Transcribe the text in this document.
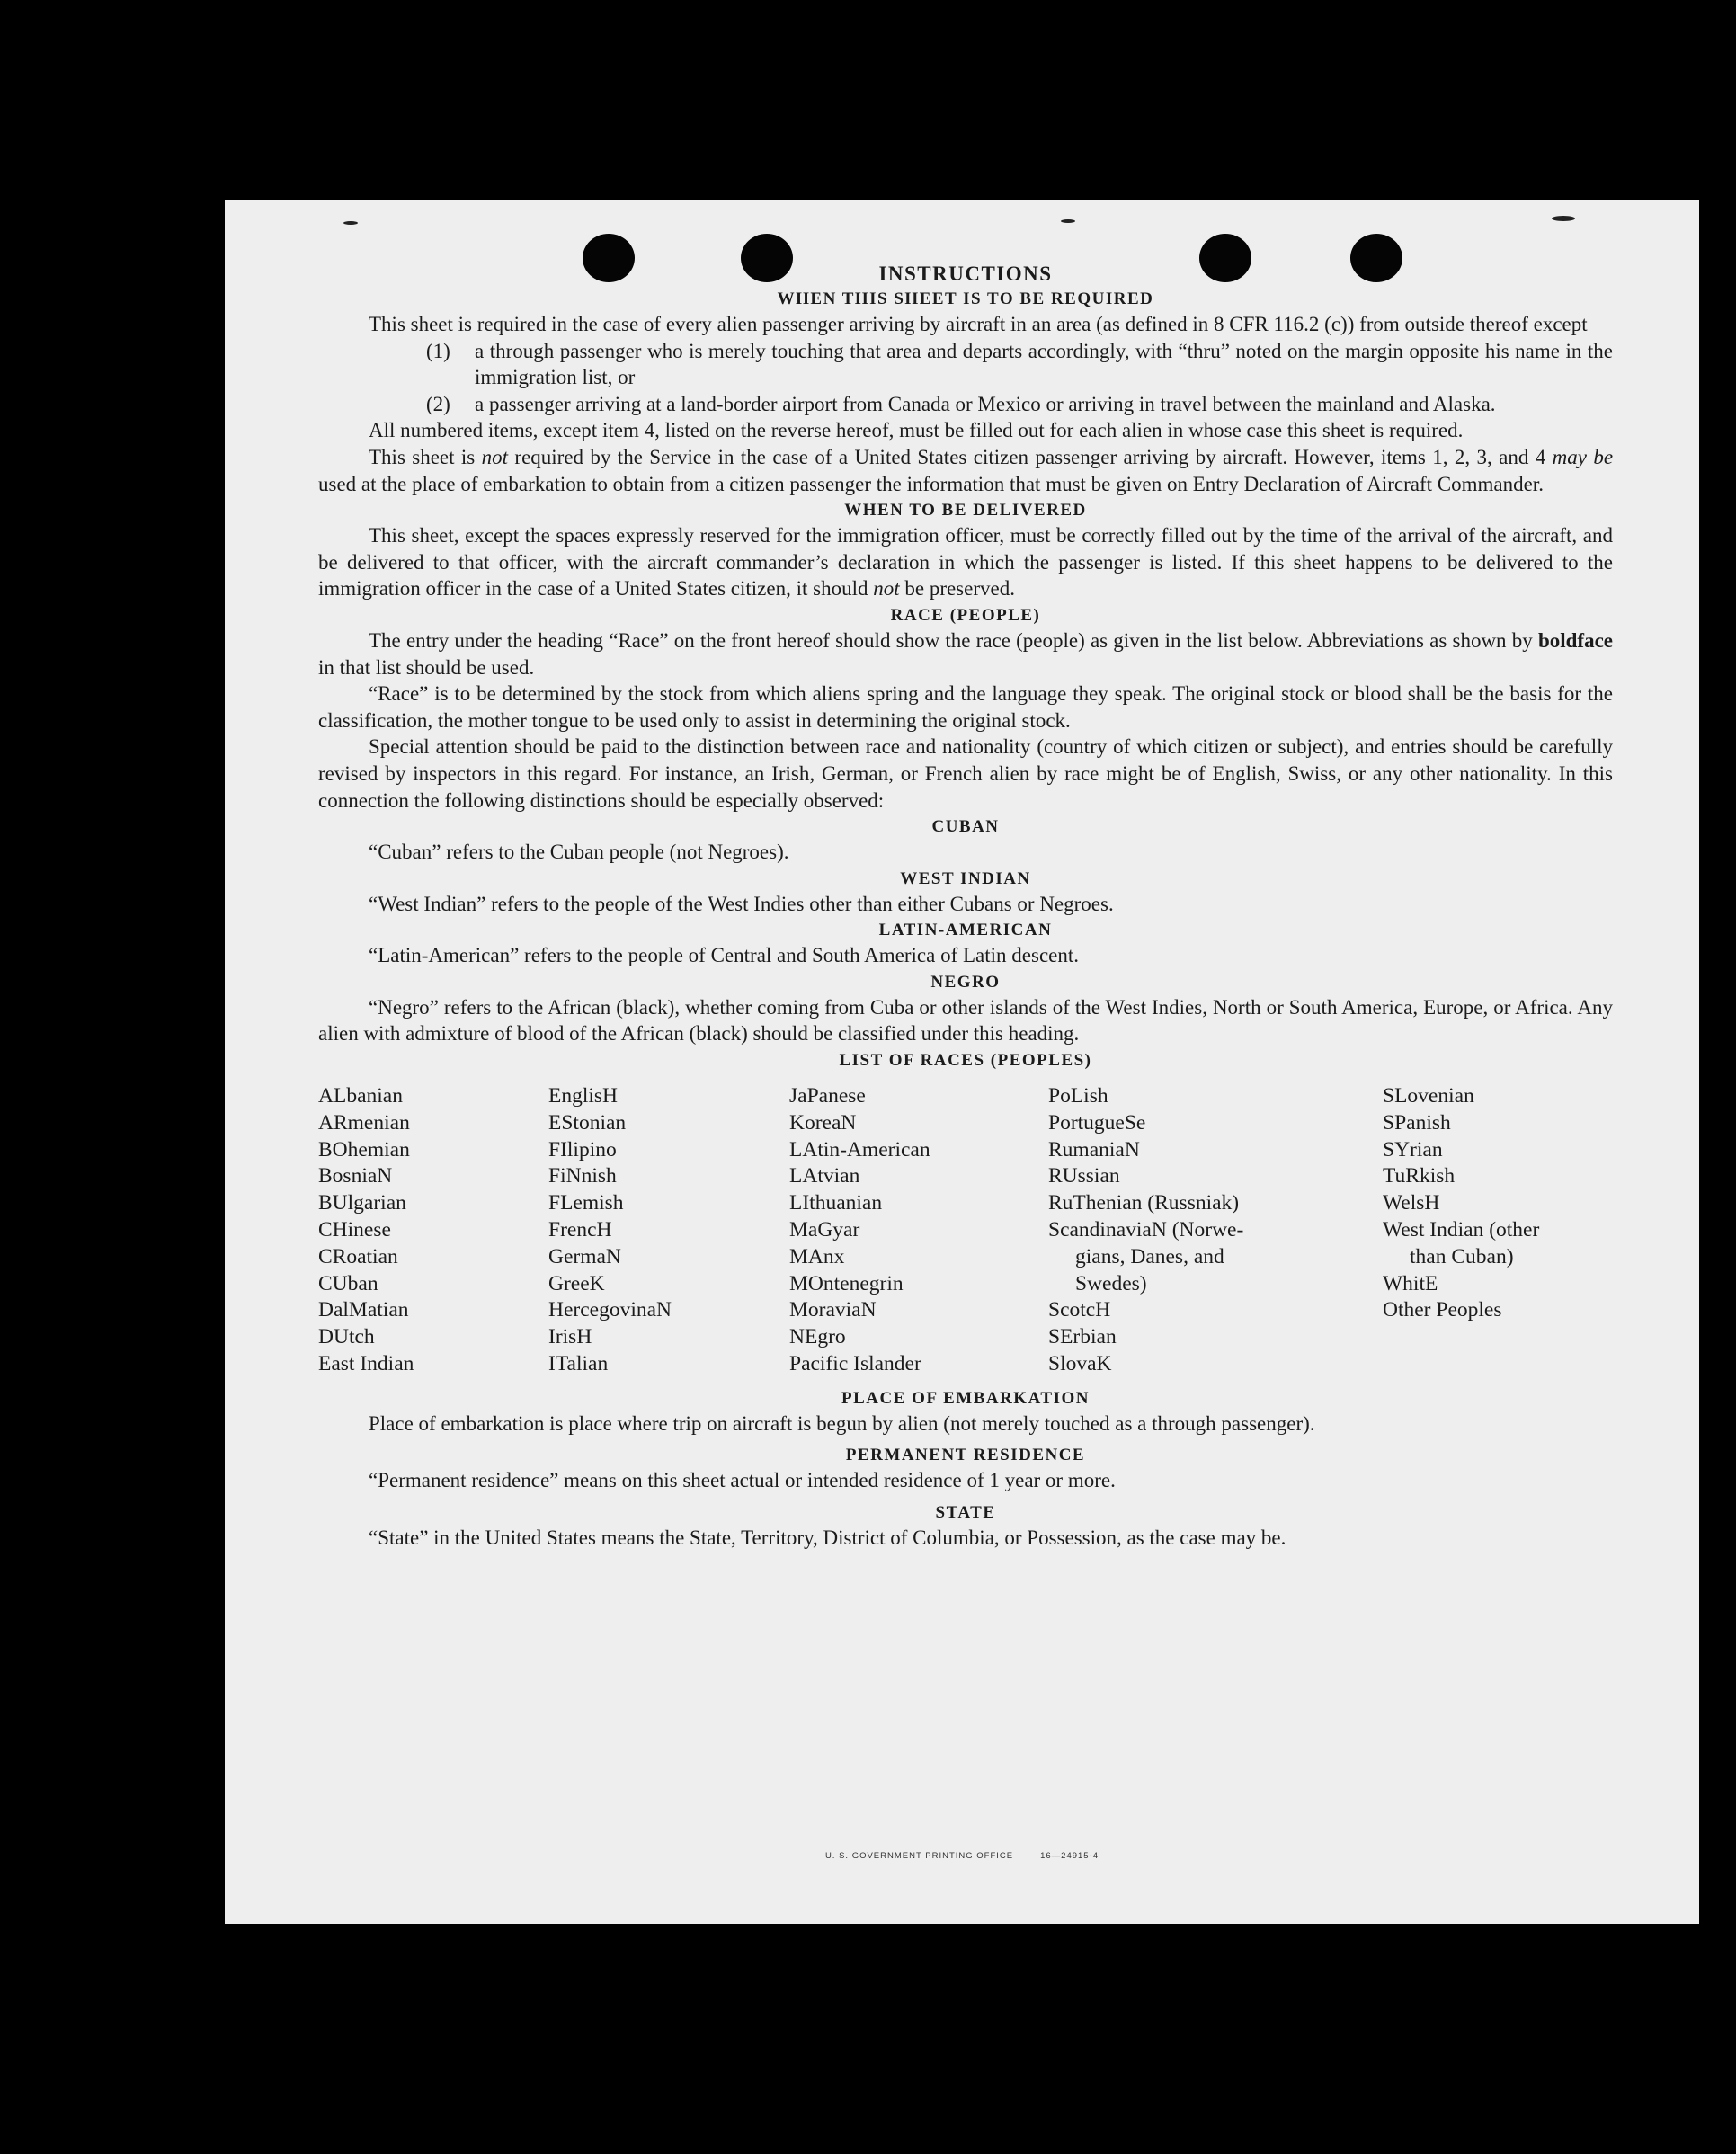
INSTRUCTIONS
WHEN THIS SHEET IS TO BE REQUIRED

This sheet is required in the case of every alien passenger arriving by aircraft in an area (as defined in 8 CFR 116.2 (c)) from outside thereof except

(1)	a through passenger who is merely touching that area and departs accordingly, with “thru” noted on the margin opposite his name in the immigration list, or
(2)	a passenger arriving at a land-border airport from Canada or Mexico or arriving in travel between the mainland and Alaska.

All numbered items, except item 4, listed on the reverse hereof, must be filled out for each alien in whose case this sheet is required.

This sheet is not required by the Service in the case of a United States citizen passenger arriving by aircraft. However, items 1, 2, 3, and 4 may be used at the place of embarkation to obtain from a citizen passenger the information that must be given on Entry Declaration of Aircraft Commander.

WHEN TO BE DELIVERED

This sheet, except the spaces expressly reserved for the immigration officer, must be correctly filled out by the time of the arrival of the aircraft, and be delivered to that officer, with the aircraft commander’s declaration in which the passenger is listed. If this sheet happens to be delivered to the immigration officer in the case of a United States citizen, it should not be preserved.

RACE (PEOPLE)

The entry under the heading “Race” on the front hereof should show the race (people) as given in the list below. Abbreviations as shown by boldface in that list should be used.

“Race” is to be determined by the stock from which aliens spring and the language they speak. The original stock or blood shall be the basis for the classification, the mother tongue to be used only to assist in determining the original stock.

Special attention should be paid to the distinction between race and nationality (country of which citizen or subject), and entries should be carefully revised by inspectors in this regard. For instance, an Irish, German, or French alien by race might be of English, Swiss, or any other nationality. In this connection the following distinctions should be especially observed:

CUBAN

“Cuban” refers to the Cuban people (not Negroes).

WEST INDIAN

“West Indian” refers to the people of the West Indies other than either Cubans or Negroes.

LATIN-AMERICAN

“Latin-American” refers to the people of Central and South America of Latin descent.

NEGRO

“Negro” refers to the African (black), whether coming from Cuba or other islands of the West Indies, North or South America, Europe, or Africa. Any alien with admixture of blood of the African (black) should be classified under this heading.

LIST OF RACES (PEOPLES)
ALbanian
ARmenian
BOhemian
BosniaN
BUlgarian
CHinese
CRoatian
CUban
DalMatian
DUtch
East Indian
EnglisH
EStonian
FIlipino
FiNnish
FLemish
FrencH
GermaN
GreeK
HercegovinaN
IrisH
ITalian
JaPanese
KoreaN
LAtin-American
LAtvian
LIthuanian
MaGyar
MAnx
MOntenegrin
MoraviaN
NEgro
Pacific Islander
PoLish
PortugueSe
RumaniaN
RUssian
RuThenian (Russniak)
ScandinaviaN (Norwe-
gians, Danes, and
Swedes)
ScotcH
SErbian
SlovaK
SLovenian
SPanish
SYrian
TuRkish
WelsH
West Indian (other
than Cuban)
WhitE
Other Peoples
PLACE OF EMBARKATION

Place of embarkation is place where trip on aircraft is begun by alien (not merely touched as a through passenger).

PERMANENT RESIDENCE

“Permanent residence” means on this sheet actual or intended residence of 1 year or more.

STATE

“State” in the United States means the State, Territory, District of Columbia, or Possession, as the case may be.

U. S. GOVERNMENT PRINTING OFFICE	16—24915-4
